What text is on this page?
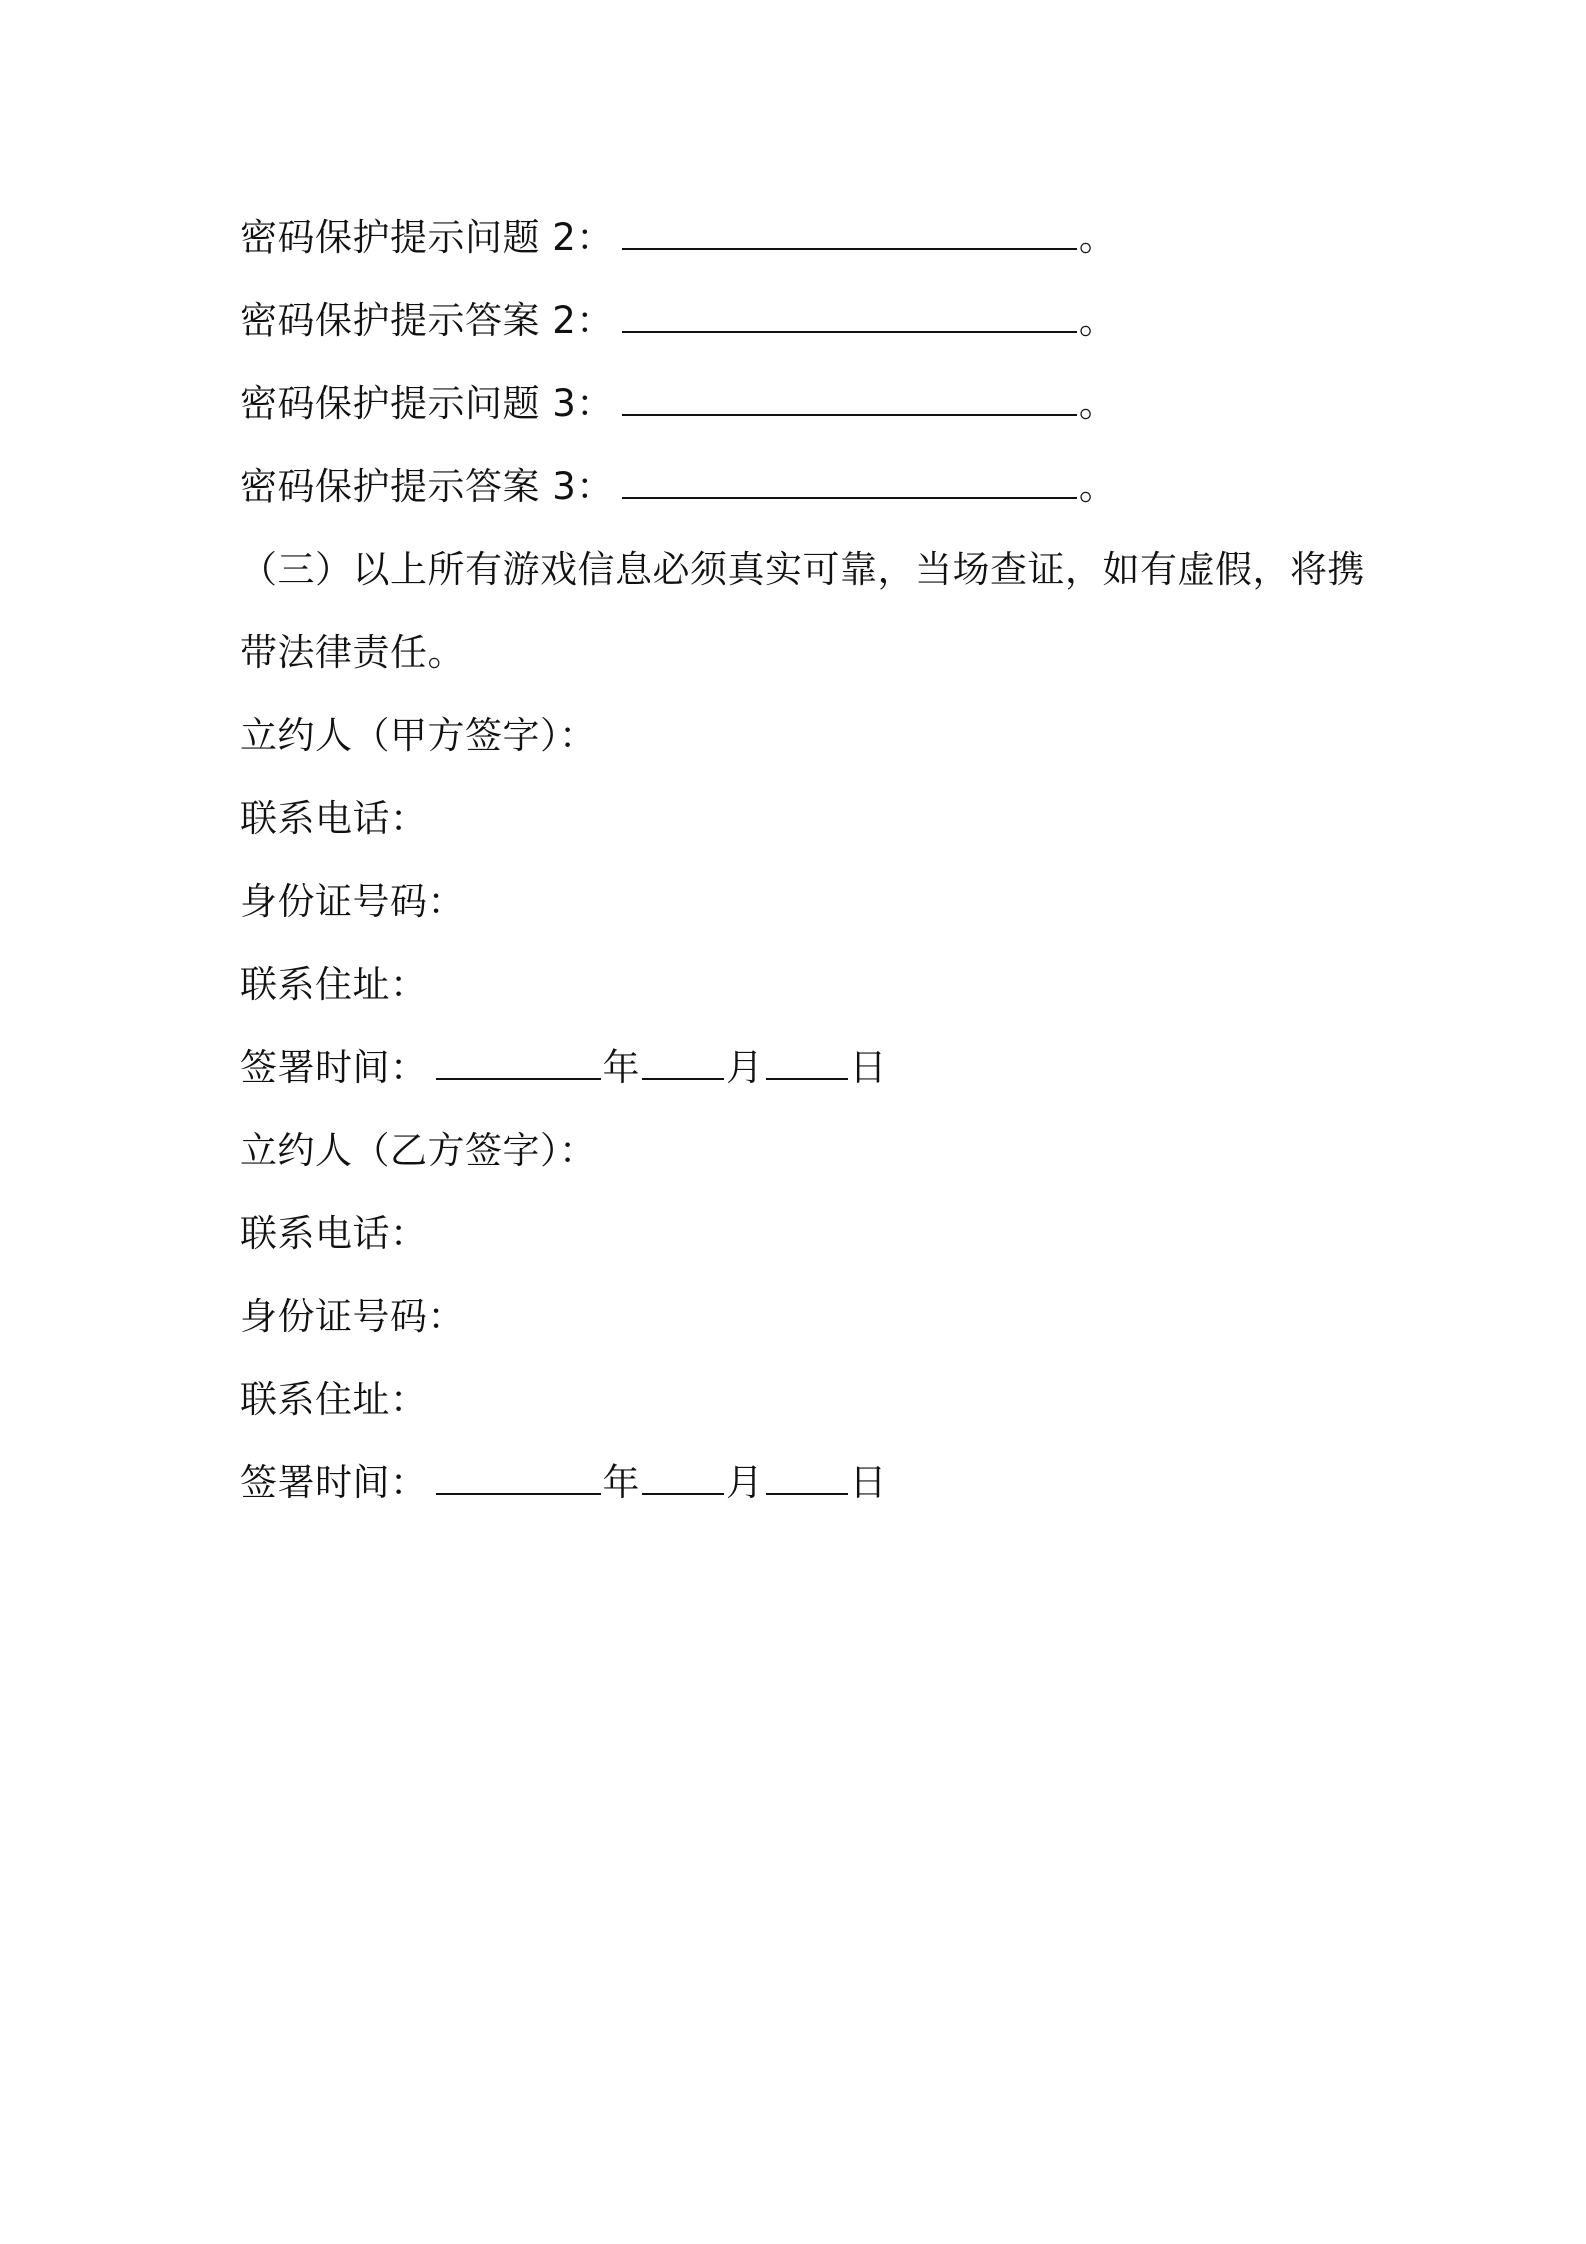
密码保护提示问题 2：	。
密码保护提示答案 2：	。
密码保护提示问题 3：	。
密码保护提示答案 3：	。
（三）以上所有游戏信息必须真实可靠，当场查证，如有虚假，将携
带法律责任。
立约人（甲方签字）：
联系电话：
身份证号码：
联系住址：
签署时间：	年 月 日
立约人（乙方签字）：
联系电话：
身份证号码：
联系住址：
签署时间：	年 月 日
